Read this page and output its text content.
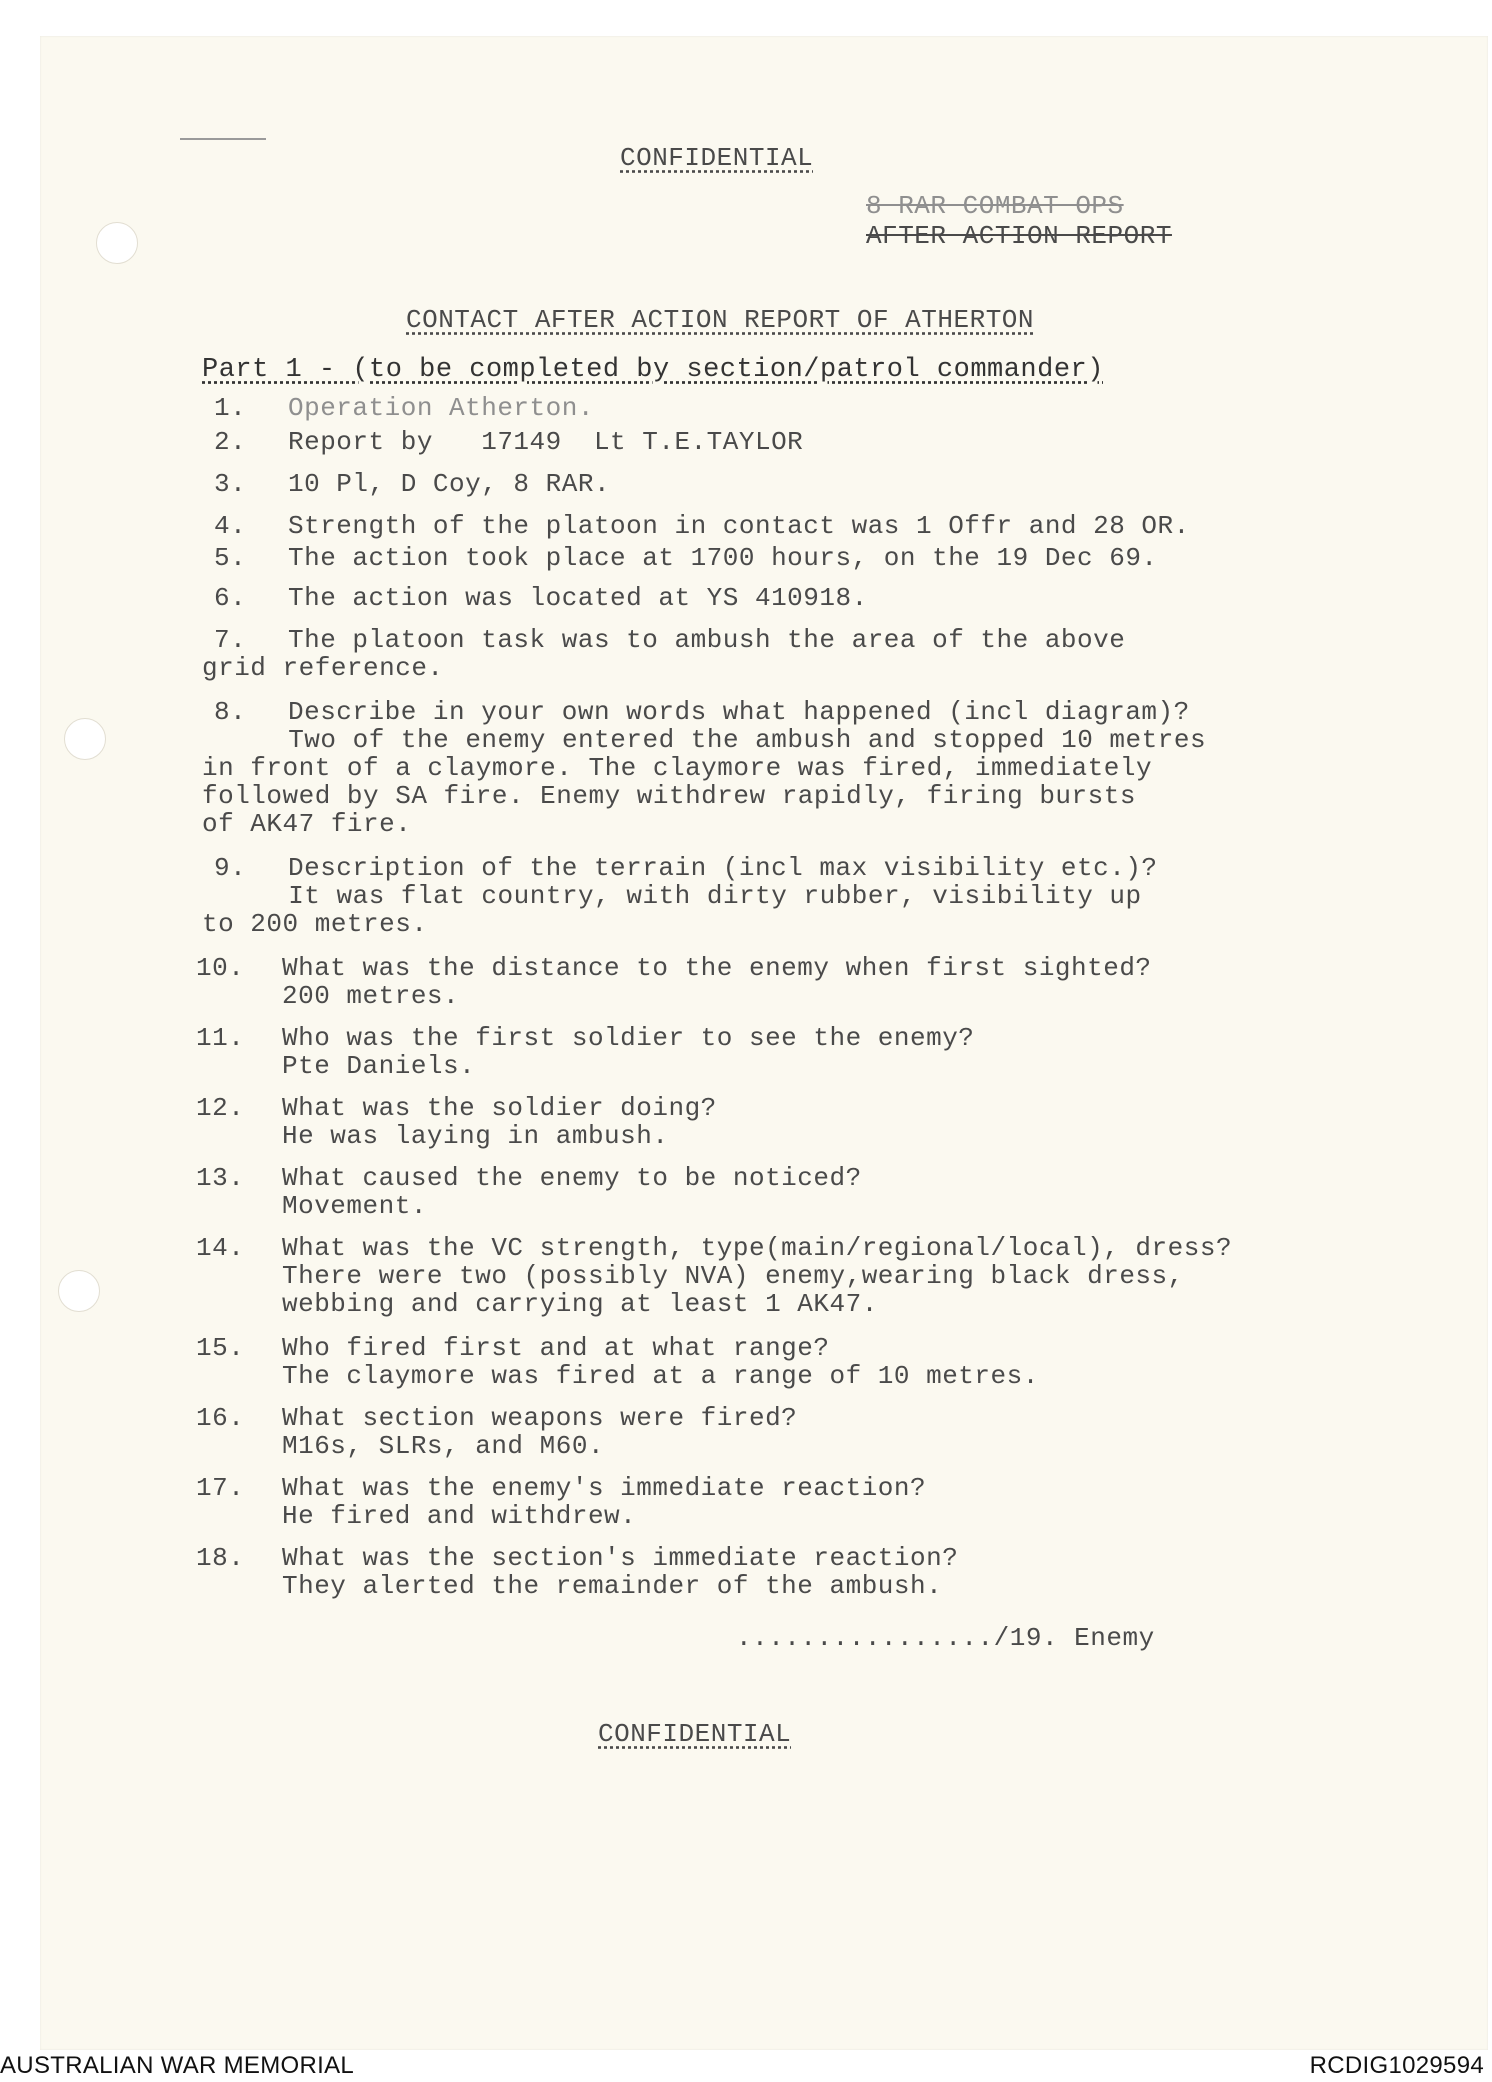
CONFIDENTIAL
8 RAR COMBAT OPS
AFTER ACTION REPORT
CONTACT AFTER ACTION REPORT OF ATHERTON
Part 1 - (to be completed by section/patrol commander)
1. Operation Atherton.
2. Report by   17149  Lt T.E.TAYLOR
3. 10 Pl, D Coy, 8 RAR.
4. Strength of the platoon in contact was 1 Offr and 28 OR.
5. The action took place at 1700 hours, on the 19 Dec 69.
6. The action was located at YS 410918.
7. The platoon task was to ambush the area of the above
grid reference.
8. Describe in your own words what happened (incl diagram)?
Two of the enemy entered the ambush and stopped 10 metres
in front of a claymore. The claymore was fired, immediately
followed by SA fire. Enemy withdrew rapidly, firing bursts
of AK47 fire.
9. Description of the terrain (incl max visibility etc.)?
It was flat country, with dirty rubber, visibility up
to 200 metres.
10. What was the distance to the enemy when first sighted?
200 metres.
11. Who was the first soldier to see the enemy?
Pte Daniels.
12. What was the soldier doing?
He was laying in ambush.
13. What caused the enemy to be noticed?
Movement.
14. What was the VC strength, type(main/regional/local), dress?
There were two (possibly NVA) enemy,wearing black dress,
webbing and carrying at least 1 AK47.
15. Who fired first and at what range?
The claymore was fired at a range of 10 metres.
16. What section weapons were fired?
M16s, SLRs, and M60.
17. What was the enemy's immediate reaction?
He fired and withdrew.
18. What was the section's immediate reaction?
They alerted the remainder of the ambush.
................/19. Enemy
CONFIDENTIAL
AUSTRALIAN WAR MEMORIAL	RCDIG1029594
